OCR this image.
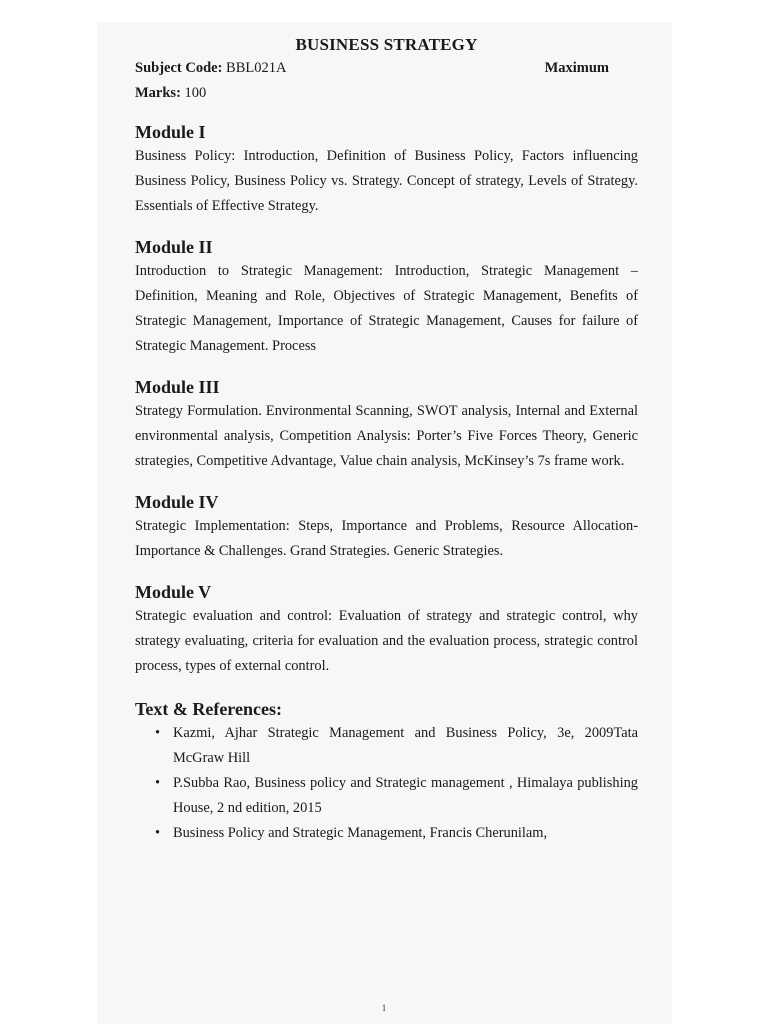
BUSINESS STRATEGY
Subject Code: BBL021A	Maximum
Marks: 100
Module I

Business Policy: Introduction, Definition of Business Policy, Factors influencing Business Policy, Business Policy vs. Strategy. Concept of strategy, Levels of Strategy. Essentials of Effective Strategy.

Module II

Introduction to Strategic Management: Introduction, Strategic Management – Definition, Meaning and Role, Objectives of Strategic Management, Benefits of Strategic Management, Importance of Strategic Management, Causes for failure of Strategic Management. Process

Module III

Strategy Formulation. Environmental Scanning, SWOT analysis, Internal and External environmental analysis, Competition Analysis: Porter’s Five Forces Theory, Generic strategies, Competitive Advantage, Value chain analysis, McKinsey’s 7s frame work.

Module IV

Strategic Implementation: Steps, Importance and Problems, Resource Allocation- Importance & Challenges. Grand Strategies. Generic Strategies.

Module V

Strategic evaluation and control: Evaluation of strategy and strategic control, why strategy evaluating, criteria for evaluation and the evaluation process, strategic control process, types of external control.

Text & References:
• Kazmi, Ajhar Strategic Management and Business Policy, 3e, 2009Tata McGraw Hill
• P.Subba Rao, Business policy and Strategic management , Himalaya publishing House, 2 nd edition, 2015
• Business Policy and Strategic Management, Francis Cherunilam,
1
